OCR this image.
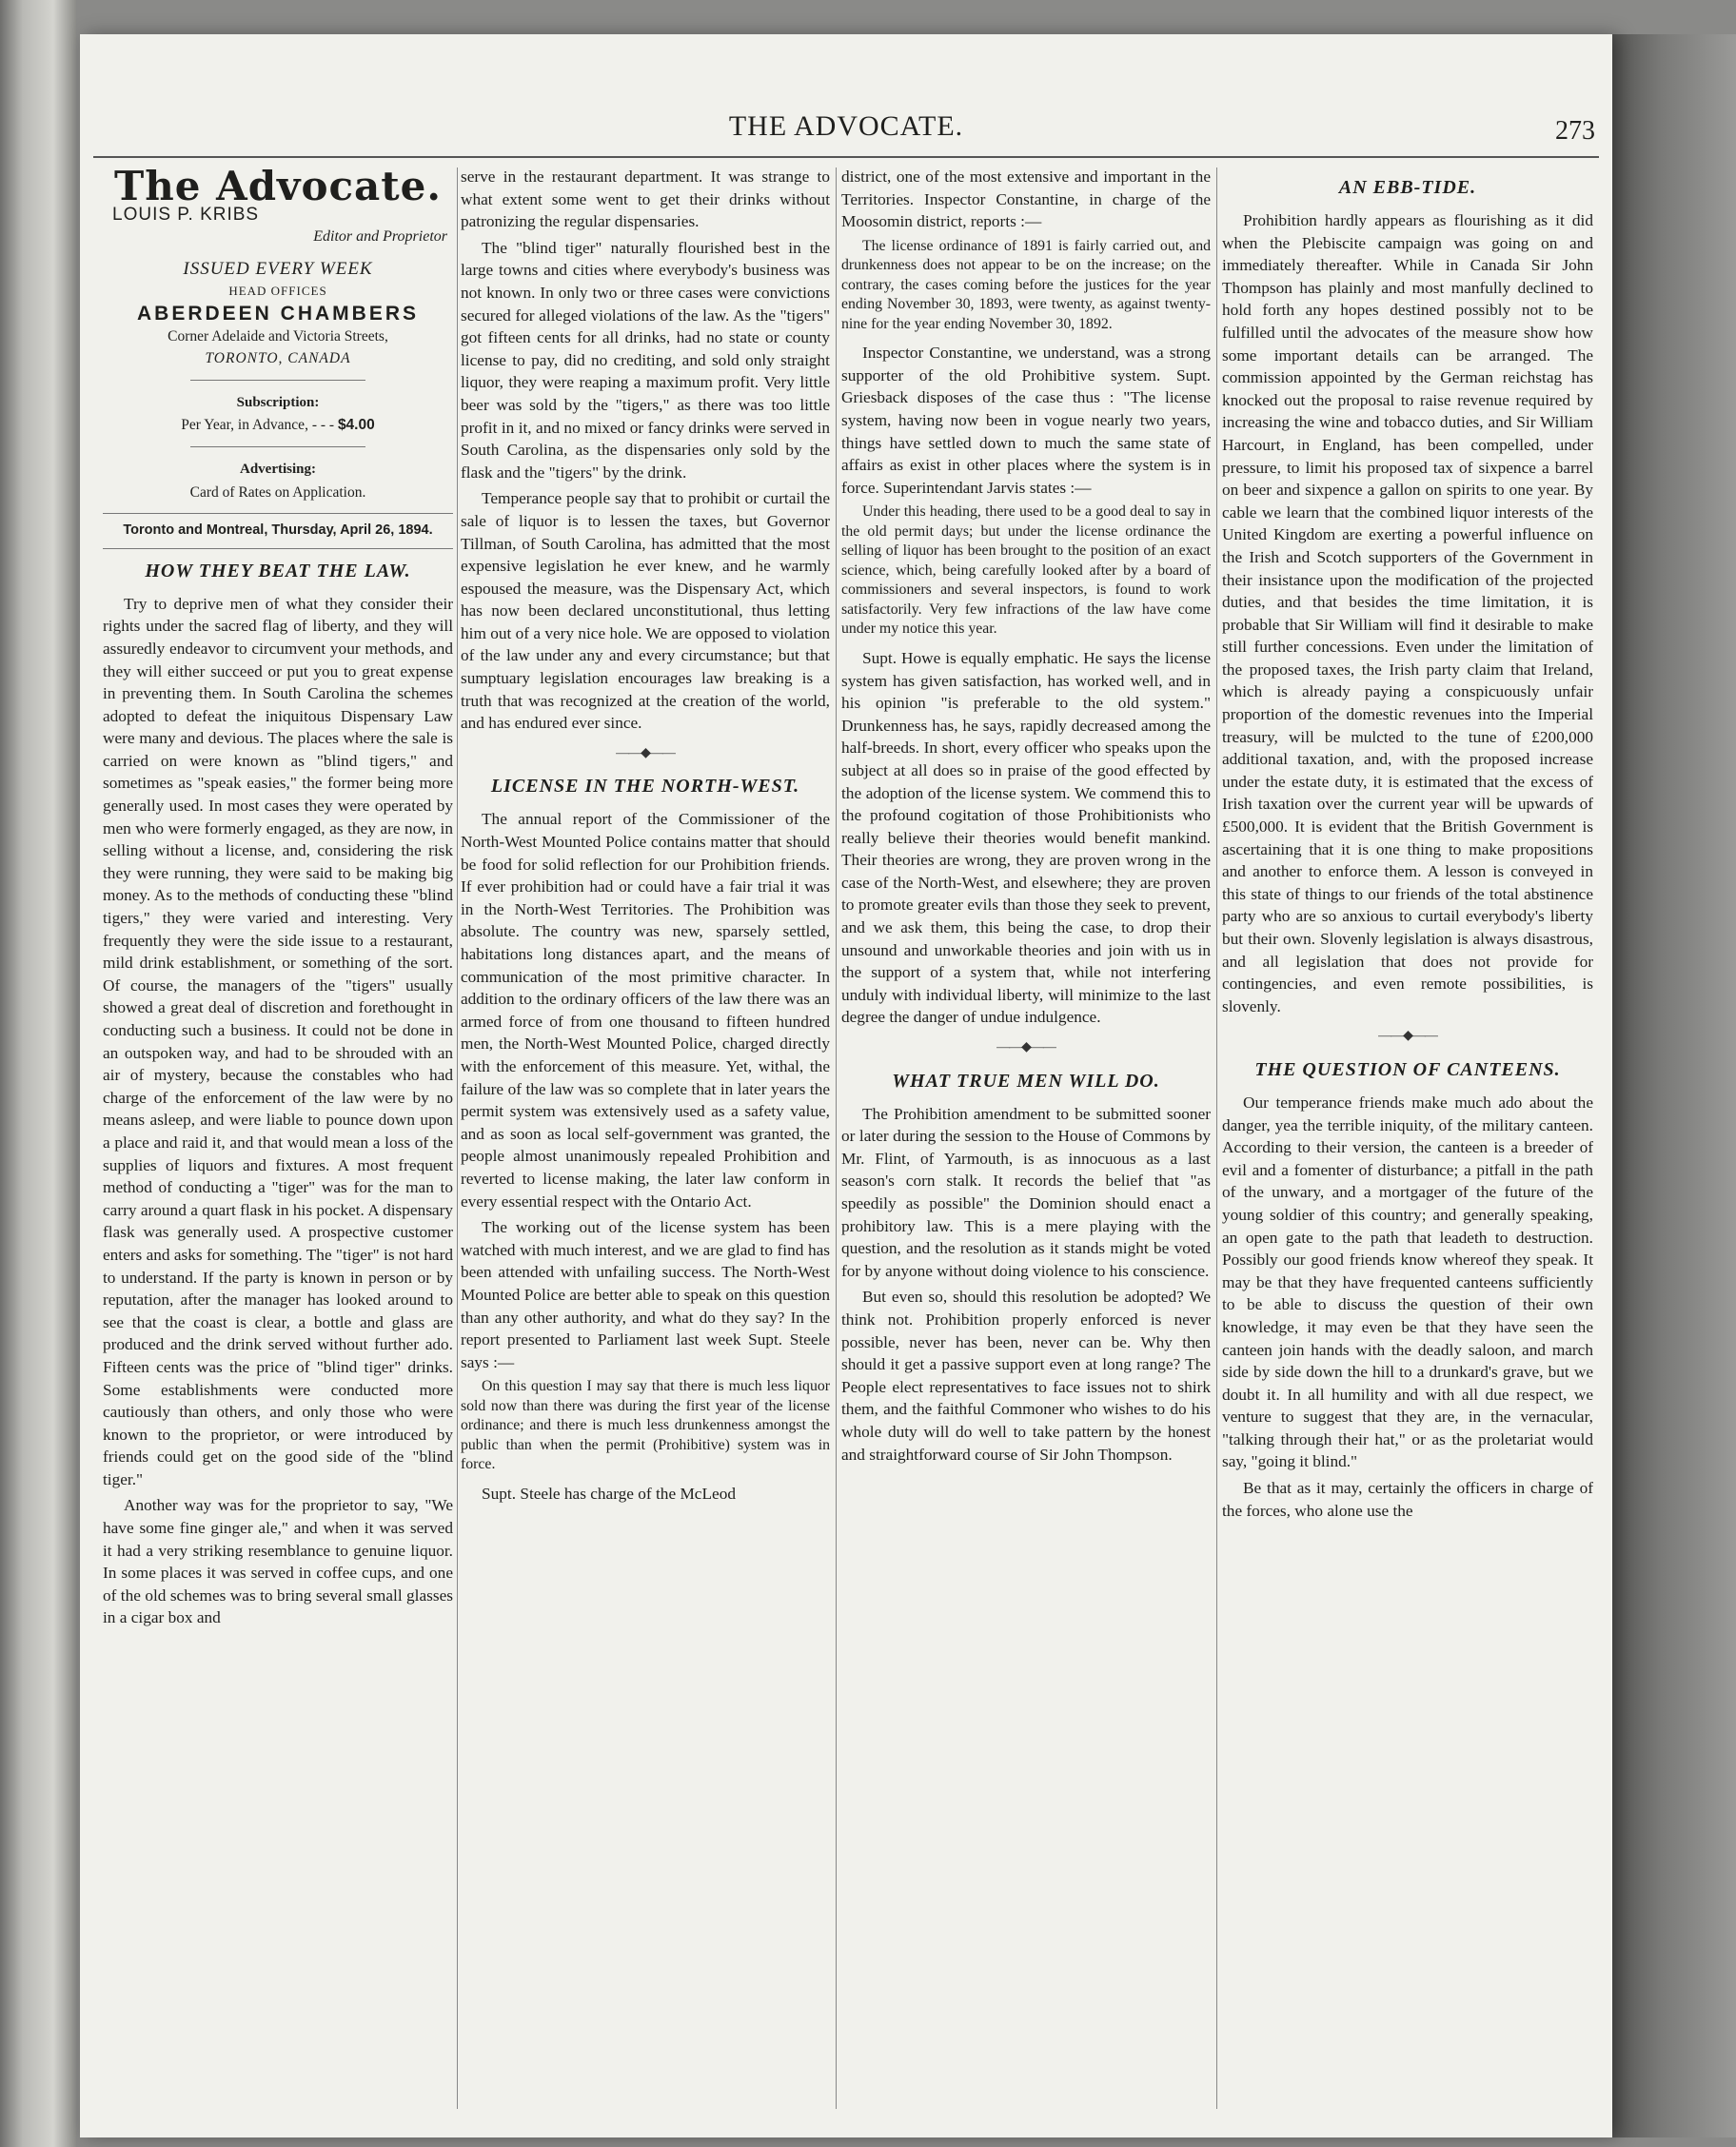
THE ADVOCATE.	273
The Advocate.
LOUIS P. KRIBS
Editor and Proprietor
ISSUED EVERY WEEK
HEAD OFFICES
ABERDEEN CHAMBERS
Corner Adelaide and Victoria Streets,
TORONTO, CANADA
Subscription:
Per Year, in Advance, - - - $4.00
Advertising:
Card of Rates on Application.
Toronto and Montreal, Thursday, April 26, 1894.
HOW THEY BEAT THE LAW.

Try to deprive men of what they consider their rights under the sacred flag of liberty, and they will assuredly endeavor to circumvent your methods, and they will either succeed or put you to great expense in preventing them. In South Carolina the schemes adopted to defeat the iniquitous Dispensary Law were many and devious. The places where the sale is carried on were known as "blind tigers," and sometimes as "speak easies," the former being more generally used. In most cases they were operated by men who were formerly engaged, as they are now, in selling without a license, and, considering the risk they were running, they were said to be making big money. As to the methods of conducting these "blind tigers," they were varied and interesting. Very frequently they were the side issue to a restaurant, mild drink establishment, or something of the sort. Of course, the managers of the "tigers" usually showed a great deal of discretion and forethought in conducting such a business. It could not be done in an outspoken way, and had to be shrouded with an air of mystery, because the constables who had charge of the enforcement of the law were by no means asleep, and were liable to pounce down upon a place and raid it, and that would mean a loss of the supplies of liquors and fixtures. A most frequent method of conducting a "tiger" was for the man to carry around a quart flask in his pocket. A dispensary flask was generally used. A prospective customer enters and asks for something. The "tiger" is not hard to understand. If the party is known in person or by reputation, after the manager has looked around to see that the coast is clear, a bottle and glass are produced and the drink served without further ado. Fifteen cents was the price of "blind tiger" drinks. Some establishments were conducted more cautiously than others, and only those who were known to the proprietor, or were introduced by friends could get on the good side of the "blind tiger."

Another way was for the proprietor to say, "We have some fine ginger ale," and when it was served it had a very striking resemblance to genuine liquor. In some places it was served in coffee cups, and one of the old schemes was to bring several small glasses in a cigar box and

serve in the restaurant department. It was strange to what extent some went to get their drinks without patronizing the regular dispensaries.

The "blind tiger" naturally flourished best in the large towns and cities where everybody's business was not known. In only two or three cases were convictions secured for alleged violations of the law. As the "tigers" got fifteen cents for all drinks, had no state or county license to pay, did no crediting, and sold only straight liquor, they were reaping a maximum profit. Very little beer was sold by the "tigers," as there was too little profit in it, and no mixed or fancy drinks were served in South Carolina, as the dispensaries only sold by the flask and the "tigers" by the drink.

Temperance people say that to prohibit or curtail the sale of liquor is to lessen the taxes, but Governor Tillman, of South Carolina, has admitted that the most expensive legislation he ever knew, and he warmly espoused the measure, was the Dispensary Act, which has now been declared unconstitutional, thus letting him out of a very nice hole. We are opposed to violation of the law under any and every circumstance; but that sumptuary legislation encourages law breaking is a truth that was recognized at the creation of the world, and has endured ever since.

——◆——
LICENSE IN THE NORTH-WEST.

The annual report of the Commissioner of the North-West Mounted Police contains matter that should be food for solid reflection for our Prohibition friends. If ever prohibition had or could have a fair trial it was in the North-West Territories. The Prohibition was absolute. The country was new, sparsely settled, habitations long distances apart, and the means of communication of the most primitive character. In addition to the ordinary officers of the law there was an armed force of from one thousand to fifteen hundred men, the North-West Mounted Police, charged directly with the enforcement of this measure. Yet, withal, the failure of the law was so complete that in later years the permit system was extensively used as a safety value, and as soon as local self-government was granted, the people almost unanimously repealed Prohibition and reverted to license making, the later law conform in every essential respect with the Ontario Act.

The working out of the license system has been watched with much interest, and we are glad to find has been attended with unfailing success. The North-West Mounted Police are better able to speak on this question than any other authority, and what do they say? In the report presented to Parliament last week Supt. Steele says :—

On this question I may say that there is much less liquor sold now than there was during the first year of the license ordinance; and there is much less drunkenness amongst the public than when the permit (Prohibitive) system was in force.

Supt. Steele has charge of the McLeod

district, one of the most extensive and important in the Territories. Inspector Constantine, in charge of the Moosomin district, reports :—

The license ordinance of 1891 is fairly carried out, and drunkenness does not appear to be on the increase; on the contrary, the cases coming before the justices for the year ending November 30, 1893, were twenty, as against twenty-nine for the year ending November 30, 1892.

Inspector Constantine, we understand, was a strong supporter of the old Prohibitive system. Supt. Griesback disposes of the case thus : "The license system, having now been in vogue nearly two years, things have settled down to much the same state of affairs as exist in other places where the system is in force. Superintendant Jarvis states :—

Under this heading, there used to be a good deal to say in the old permit days; but under the license ordinance the selling of liquor has been brought to the position of an exact science, which, being carefully looked after by a board of commissioners and several inspectors, is found to work satisfactorily. Very few infractions of the law have come under my notice this year.

Supt. Howe is equally emphatic. He says the license system has given satisfaction, has worked well, and in his opinion "is preferable to the old system." Drunkenness has, he says, rapidly decreased among the half-breeds. In short, every officer who speaks upon the subject at all does so in praise of the good effected by the adoption of the license system. We commend this to the profound cogitation of those Prohibitionists who really believe their theories would benefit mankind. Their theories are wrong, they are proven wrong in the case of the North-West, and elsewhere; they are proven to promote greater evils than those they seek to prevent, and we ask them, this being the case, to drop their unsound and unworkable theories and join with us in the support of a system that, while not interfering unduly with individual liberty, will minimize to the last degree the danger of undue indulgence.

——◆——
WHAT TRUE MEN WILL DO.

The Prohibition amendment to be submitted sooner or later during the session to the House of Commons by Mr. Flint, of Yarmouth, is as innocuous as a last season's corn stalk. It records the belief that "as speedily as possible" the Dominion should enact a prohibitory law. This is a mere playing with the question, and the resolution as it stands might be voted for by anyone without doing violence to his conscience.

But even so, should this resolution be adopted? We think not. Prohibition properly enforced is never possible, never has been, never can be. Why then should it get a passive support even at long range? The People elect representatives to face issues not to shirk them, and the faithful Commoner who wishes to do his whole duty will do well to take pattern by the honest and straightforward course of Sir John Thompson.

AN EBB-TIDE.

Prohibition hardly appears as flourishing as it did when the Plebiscite campaign was going on and immediately thereafter. While in Canada Sir John Thompson has plainly and most manfully declined to hold forth any hopes destined possibly not to be fulfilled until the advocates of the measure show how some important details can be arranged. The commission appointed by the German reichstag has knocked out the proposal to raise revenue required by increasing the wine and tobacco duties, and Sir William Harcourt, in England, has been compelled, under pressure, to limit his proposed tax of sixpence a barrel on beer and sixpence a gallon on spirits to one year. By cable we learn that the combined liquor interests of the United Kingdom are exerting a powerful influence on the Irish and Scotch supporters of the Government in their insistance upon the modification of the projected duties, and that besides the time limitation, it is probable that Sir William will find it desirable to make still further concessions. Even under the limitation of the proposed taxes, the Irish party claim that Ireland, which is already paying a conspicuously unfair proportion of the domestic revenues into the Imperial treasury, will be mulcted to the tune of £200,000 additional taxation, and, with the proposed increase under the estate duty, it is estimated that the excess of Irish taxation over the current year will be upwards of £500,000. It is evident that the British Government is ascertaining that it is one thing to make propositions and another to enforce them. A lesson is conveyed in this state of things to our friends of the total abstinence party who are so anxious to curtail everybody's liberty but their own. Slovenly legislation is always disastrous, and all legislation that does not provide for contingencies, and even remote possibilities, is slovenly.

——◆——
THE QUESTION OF CANTEENS.

Our temperance friends make much ado about the danger, yea the terrible iniquity, of the military canteen. According to their version, the canteen is a breeder of evil and a fomenter of disturbance; a pitfall in the path of the unwary, and a mortgager of the future of the young soldier of this country; and generally speaking, an open gate to the path that leadeth to destruction. Possibly our good friends know whereof they speak. It may be that they have frequented canteens sufficiently to be able to discuss the question of their own knowledge, it may even be that they have seen the canteen join hands with the deadly saloon, and march side by side down the hill to a drunkard's grave, but we doubt it. In all humility and with all due respect, we venture to suggest that they are, in the vernacular, "talking through their hat," or as the proletariat would say, "going it blind."

Be that as it may, certainly the officers in charge of the forces, who alone use the
